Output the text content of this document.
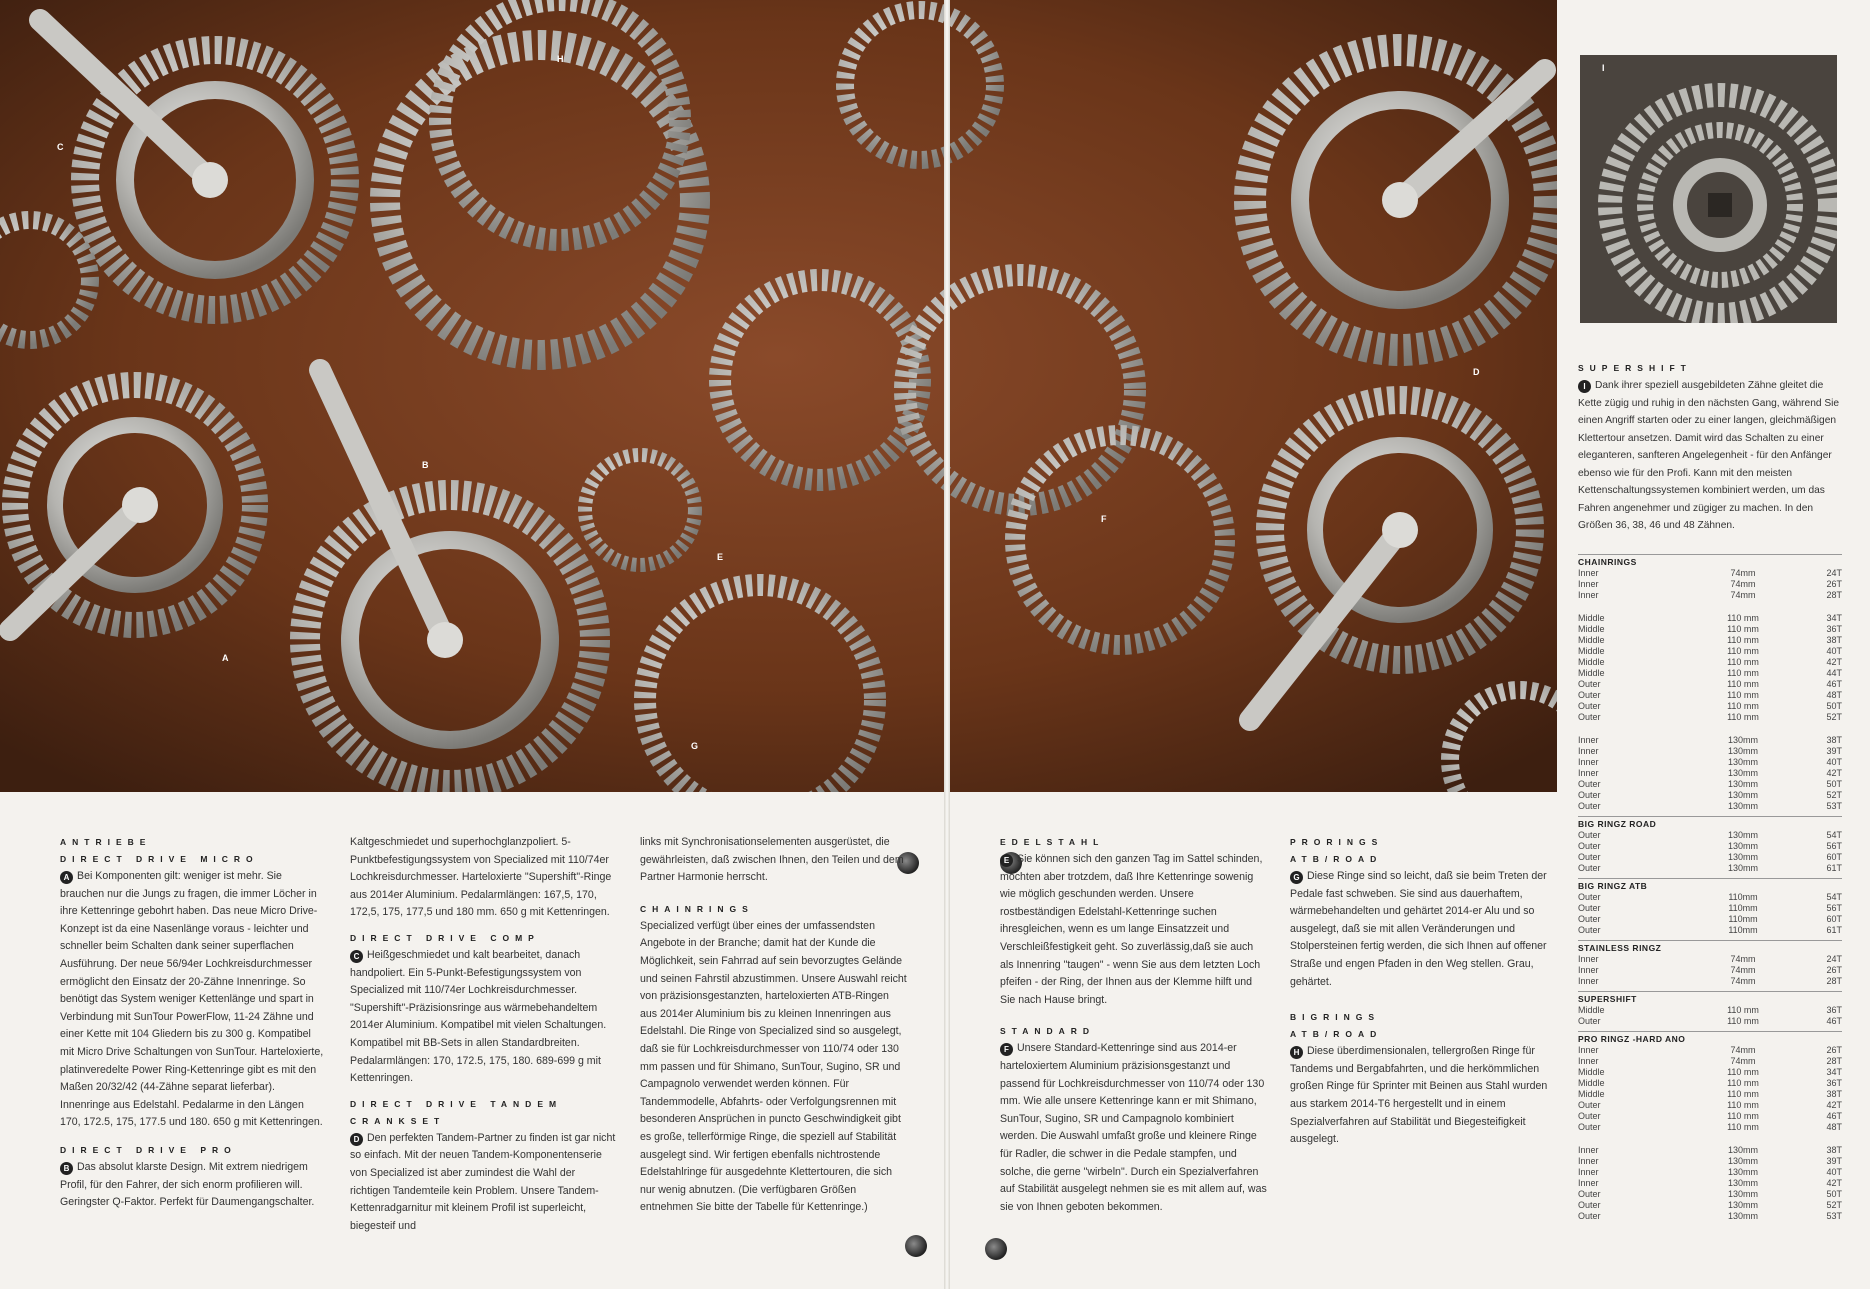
A
B
C
D
E
F
G
H
I
ANTRIEBE
DIRECT DRIVE MICRO

A Bei Komponenten gilt: weniger ist mehr. Sie brauchen nur die Jungs zu fragen, die immer Löcher in ihre Kettenringe gebohrt haben. Das neue Micro Drive-Konzept ist da eine Nasenlänge voraus - leichter und schneller beim Schalten dank seiner superflachen Ausführung. Der neue 56/94er Lochkreisdurchmesser ermöglicht den Einsatz der 20-Zähne Innenringe. So benötigt das System weniger Kettenlänge und spart in Verbindung mit SunTour PowerFlow, 11-24 Zähne und einer Kette mit 104 Gliedern bis zu 300 g. Kompatibel mit Micro Drive Schaltungen von SunTour. Harteloxierte, platinveredelte Power Ring-Kettenringe gibt es mit den Maßen 20/32/42 (44-Zähne separat lieferbar). Innenringe aus Edelstahl. Pedalarme in den Längen 170, 172.5, 175, 177.5 und 180. 650 g mit Kettenringen.

DIRECT DRIVE PRO

B Das absolut klarste Design. Mit extrem niedrigem Profil, für den Fahrer, der sich enorm profilieren will. Geringster Q-Faktor. Perfekt für Daumengangschalter.

Kaltgeschmiedet und superhochglanzpoliert. 5-Punktbefestigungssystem von Specialized mit 110/74er Lochkreisdurchmesser. Harteloxierte "Supershift"-Ringe aus 2014er Aluminium. Pedalarmlängen: 167,5, 170, 172,5, 175, 177,5 und 180 mm. 650 g mit Kettenringen.

DIRECT DRIVE COMP

C Heißgeschmiedet und kalt bearbeitet, danach handpoliert. Ein 5-Punkt-Befestigungssystem von Specialized mit 110/74er Lochkreisdurchmesser. "Supershift"-Präzisionsringe aus wärmebehandeltem 2014er Aluminium. Kompatibel mit vielen Schaltungen. Kompatibel mit BB-Sets in allen Standardbreiten. Pedalarmlängen: 170, 172.5, 175, 180. 689-699 g mit Kettenringen.

DIRECT DRIVE TANDEM
CRANKSET

D Den perfekten Tandem-Partner zu finden ist gar nicht so einfach. Mit der neuen Tandem-Komponentenserie von Specialized ist aber zumindest die Wahl der richtigen Tandemteile kein Problem. Unsere Tandem-Kettenradgarnitur mit kleinem Profil ist superleicht, biegesteif und

links mit Synchronisationselementen ausgerüstet, die gewährleisten, daß zwischen Ihnen, den Teilen und dem Partner Harmonie herrscht.

CHAINRINGS

Specialized verfügt über eines der umfassendsten Angebote in der Branche; damit hat der Kunde die Möglichkeit, sein Fahrrad auf sein bevorzugtes Gelände und seinen Fahrstil abzustimmen. Unsere Auswahl reicht von präzisionsgestanzten, harteloxierten ATB-Ringen aus 2014er Aluminium bis zu kleinen Innenringen aus Edelstahl. Die Ringe von Specialized sind so ausgelegt, daß sie für Lochkreisdurchmesser von 110/74 oder 130 mm passen und für Shimano, SunTour, Sugino, SR und Campagnolo verwendet werden können. Für Tandemmodelle, Abfahrts- oder Verfolgungsrennen mit besonderen Ansprüchen in puncto Geschwindigkeit gibt es große, tellerförmige Ringe, die speziell auf Stabilität ausgelegt sind. Wir fertigen ebenfalls nichtrostende Edelstahlringe für ausgedehnte Klettertouren, die sich nur wenig abnutzen. (Die verfügbaren Größen entnehmen Sie bitte der Tabelle für Kettenringe.)

EDELSTAHL

E Sie können sich den ganzen Tag im Sattel schinden, möchten aber trotzdem, daß Ihre Kettenringe sowenig wie möglich geschunden werden. Unsere rostbeständigen Edelstahl-Kettenringe suchen ihresgleichen, wenn es um lange Einsatzzeit und Verschleißfestigkeit geht. So zuverlässig,daß sie auch als Innenring "taugen" - wenn Sie aus dem letzten Loch pfeifen - der Ring, der Ihnen aus der Klemme hilft und Sie nach Hause bringt.

STANDARD

F Unsere Standard-Kettenringe sind aus 2014-er harteloxiertem Aluminium präzisionsgestanzt und passend für Lochkreisdurchmesser von 110/74 oder 130 mm. Wie alle unsere Kettenringe kann er mit Shimano, SunTour, Sugino, SR und Campagnolo kombiniert werden. Die Auswahl umfaßt große und kleinere Ringe für Radler, die schwer in die Pedale stampfen, und solche, die gerne "wirbeln". Durch ein Spezialverfahren auf Stabilität ausgelegt nehmen sie es mit allem auf, was sie von Ihnen geboten bekommen.

PRORINGS
ATB/ROAD

G Diese Ringe sind so leicht, daß sie beim Treten der Pedale fast schweben. Sie sind aus dauerhaftem, wärmebehandelten und gehärtet 2014-er Alu und so ausgelegt, daß sie mit allen Veränderungen und Stolpersteinen fertig werden, die sich Ihnen auf offener Straße und engen Pfaden in den Weg stellen. Grau, gehärtet.

BIGRINGS
ATB/ROAD

H Diese überdimensionalen, tellergroßen Ringe für Tandems und Bergabfahrten, und die herkömmlichen großen Ringe für Sprinter mit Beinen aus Stahl wurden aus starkem 2014-T6 hergestellt und in einem Spezialverfahren auf Stabilität und Biegesteifigkeit ausgelegt.

SUPERSHIFT

I Dank ihrer speziell ausgebildeten Zähne gleitet die Kette zügig und ruhig in den nächsten Gang, während Sie einen Angriff starten oder zu einer langen, gleichmäßigen Klettertour ansetzen. Damit wird das Schalten zu einer eleganteren, sanfteren Angelegenheit - für den Anfänger ebenso wie für den Profi. Kann mit den meisten Kettenschaltungssystemen kombiniert werden, um das Fahren angenehmer und zügiger zu machen. In den Größen 36, 38, 46 und 48 Zähnen.

CHAINRINGS
Inner	74mm	24T
Inner	74mm	26T
Inner	74mm	28T
Middle	110 mm	34T
Middle	110 mm	36T
Middle	110 mm	38T
Middle	110 mm	40T
Middle	110 mm	42T
Middle	110 mm	44T
Outer	110 mm	46T
Outer	110 mm	48T
Outer	110 mm	50T
Outer	110 mm	52T
Inner	130mm	38T
Inner	130mm	39T
Inner	130mm	40T
Inner	130mm	42T
Outer	130mm	50T
Outer	130mm	52T
Outer	130mm	53T
BIG RINGZ ROAD
Outer	130mm	54T
Outer	130mm	56T
Outer	130mm	60T
Outer	130mm	61T
BIG RINGZ ATB
Outer	110mm	54T
Outer	110mm	56T
Outer	110mm	60T
Outer	110mm	61T
STAINLESS RINGZ
Inner	74mm	24T
Inner	74mm	26T
Inner	74mm	28T
SUPERSHIFT
Middle	110 mm	36T
Outer	110 mm	46T
PRO RINGZ -HARD ANO
Inner	74mm	26T
Inner	74mm	28T
Middle	110 mm	34T
Middle	110 mm	36T
Middle	110 mm	38T
Outer	110 mm	42T
Outer	110 mm	46T
Outer	110 mm	48T
Inner	130mm	38T
Inner	130mm	39T
Inner	130mm	40T
Inner	130mm	42T
Outer	130mm	50T
Outer	130mm	52T
Outer	130mm	53T
